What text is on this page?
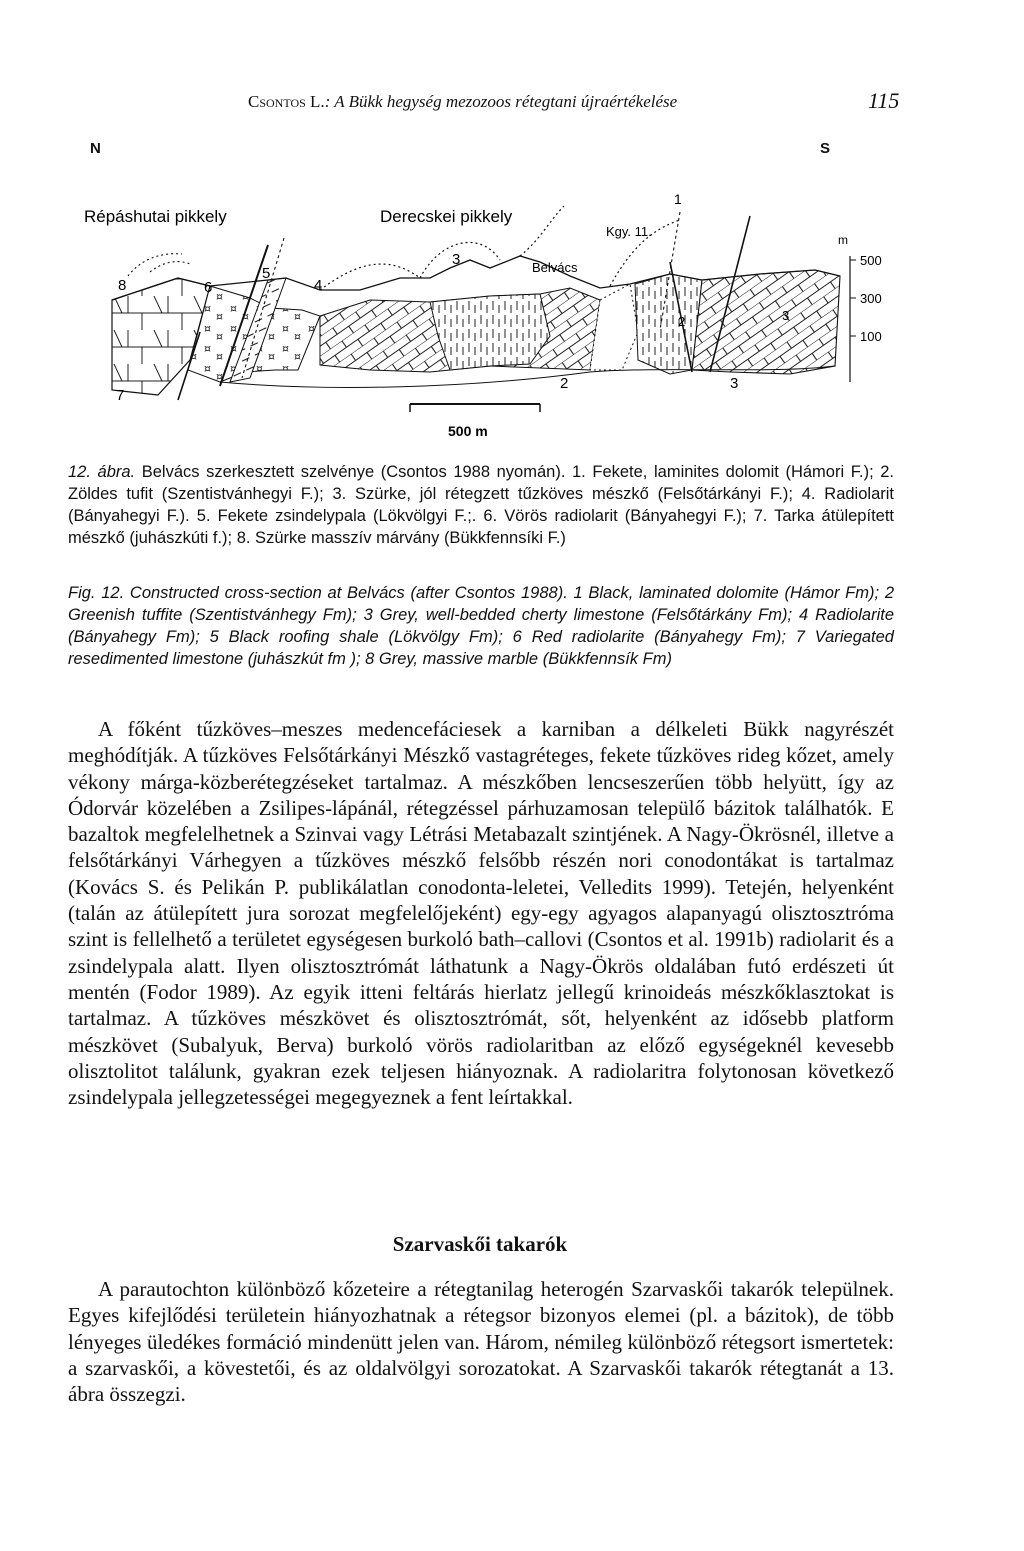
Csontos L.: A Bükk hegység mezozoos rétegtani újraértékelése	115
N	S
Répáshutai pikkely	Derecskei pikkely
Kgy. 11.
Belvács
1
2
2
3
3
3
4
5
6
7
8
m
500
300
100
500 m
12. ábra. Belvács szerkesztett szelvénye (Csontos 1988 nyomán). 1. Fekete, laminites dolomit (Hámori F.); 2. Zöldes tufit (Szentistvánhegyi F.); 3. Szürke, jól rétegzett tűzköves mészkő (Felsőtárkányi F.); 4. Radiolarit (Bányahegyi F.). 5. Fekete zsindelypala (Lökvölgyi F.;. 6. Vörös radiolarit (Bányahegyi F.); 7. Tarka átülepített mészkő (juhászkúti f.); 8. Szürke masszív márvány (Bükkfennsíki F.)
Fig. 12. Constructed cross-section at Belvács (after Csontos 1988). 1 Black, laminated dolomite (Hámor Fm); 2 Greenish tuffite (Szentistvánhegy Fm); 3 Grey, well-bedded cherty limestone (Felsőtárkány Fm); 4 Radiolarite (Bányahegy Fm); 5 Black roofing shale (Lökvölgy Fm); 6 Red radiolarite (Bányahegy Fm); 7 Variegated resedimented limestone (juhászkút fm ); 8 Grey, massive marble (Bükkfennsík Fm)
A főként tűzköves–meszes medencefáciesek a karniban a délkeleti Bükk nagyrészét meghódítják. A tűzköves Felsőtárkányi Mészkő vastagréteges, fekete tűzköves rideg kőzet, amely vékony márga-közberétegzéseket tartalmaz. A mészkőben lencseszerűen több helyütt, így az Ódorvár közelében a Zsilipes-lápánál, rétegzéssel párhuzamosan települő bázitok találhatók. E bazaltok megfelelhetnek a Szinvai vagy Létrási Metabazalt szintjének. A Nagy-Ökrösnél, illetve a felsőtárkányi Várhegyen a tűzköves mészkő felsőbb részén nori conodontákat is tartalmaz (Kovács S. és Pelikán P. publikálatlan conodonta-leletei, Velledits 1999). Tetején, helyenként (talán az átülepített jura sorozat megfelelőjeként) egy-egy agyagos alapanyagú olisztosztróma szint is fellelhető a területet egységesen burkoló bath–callovi (Csontos et al. 1991b) radiolarit és a zsindelypala alatt. Ilyen olisztosztrómát láthatunk a Nagy-Ökrös oldalában futó erdészeti út mentén (Fodor 1989). Az egyik itteni feltárás hierlatz jellegű krinoideás mészkőklasztokat is tartalmaz. A tűzköves mészkövet és olisztosztrómát, sőt, helyenként az idősebb platform mészkövet (Subalyuk, Berva) burkoló vörös radiolaritban az előző egységeknél kevesebb olisztolitot találunk, gyakran ezek teljesen hiányoznak. A radiolaritra folytonosan következő zsindelypala jellegzetességei megegyeznek a fent leírtakkal.
Szarvaskői takarók
A parautochton különböző kőzeteire a rétegtanilag heterogén Szarvaskői takarók települnek. Egyes kifejlődési területein hiányozhatnak a rétegsor bizonyos elemei (pl. a bázitok), de több lényeges üledékes formáció mindenütt jelen van. Három, némileg különböző rétegsort ismertetek: a szarvaskői, a kövestetői, és az oldalvölgyi sorozatokat. A Szarvaskői takarók rétegtanát a 13. ábra összegzi.
